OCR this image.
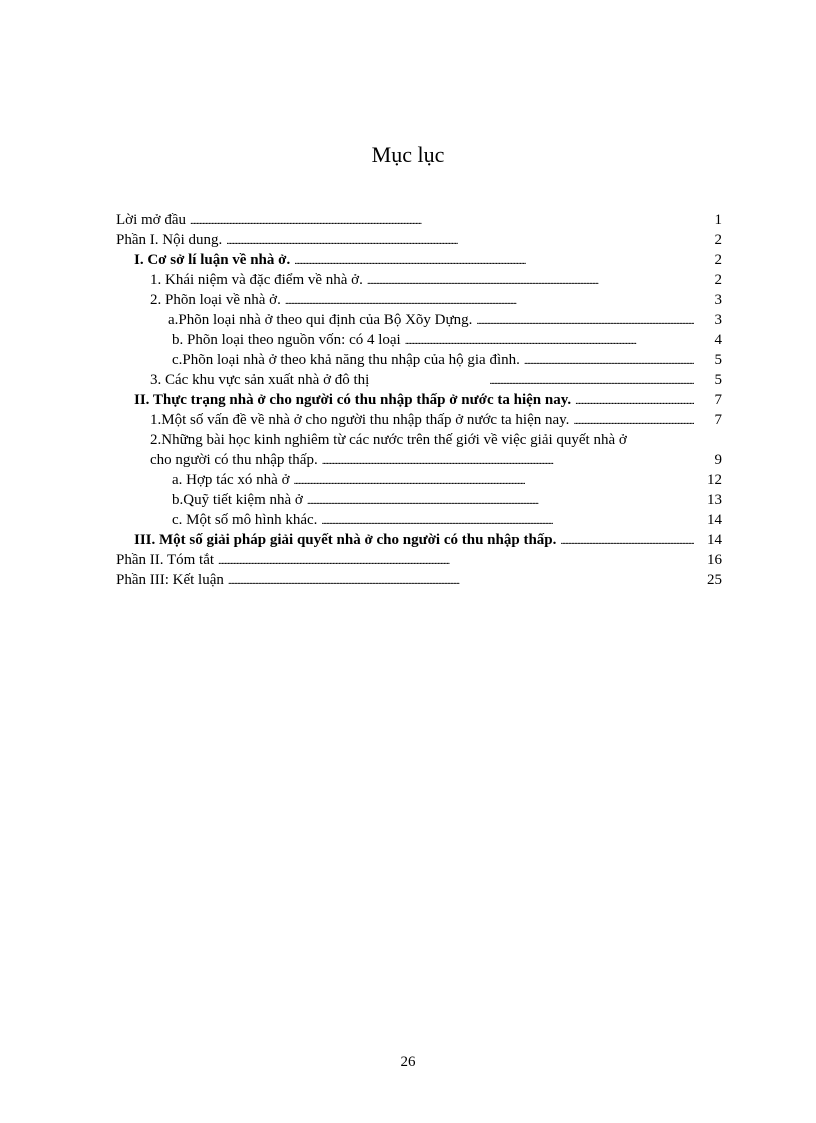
Mục lục
Lời mở đầu . . .	1
Phần I. Nội dung. . . .	2
I. Cơ sở lí luận về nhà ở. . . .	2
1. Khái niệm và đặc điểm về nhà ở. . . .	2
2. Phõn loại về nhà ở. . . .	3
a.Phõn loại nhà ở theo qui định của Bộ Xõy Dựng. . . .	3
b. Phõn loại theo nguồn vốn: có 4 loại . . .	4
c.Phõn loại nhà ở theo khả năng thu nhập của hộ gia đình. . . .	5
3. Các khu vực sản xuất nhà ở đô thị . . .	5
II. Thực trạng nhà ở cho người có thu nhập thấp ở nước ta hiện nay. . . .	7
1.Một số vấn đề về nhà ở cho người thu nhập thấp ở nước ta hiện nay. . . .	7
2.Những bài học kinh nghiêm từ các nước trên thế giới về việc giải quyết nhà ở
cho người có thu nhập thấp. . . .	9
a. Hợp tác xó nhà ở . . .	12
b.Quỹ tiết kiệm nhà ở . . .	13
c. Một số mô hình khác. . . .	14
III. Một số giải pháp giải quyết nhà ở cho người có thu nhập thấp. . . .	14
Phần II. Tóm tắt . . .	16
Phần III: Kết luận . . .	25
26
